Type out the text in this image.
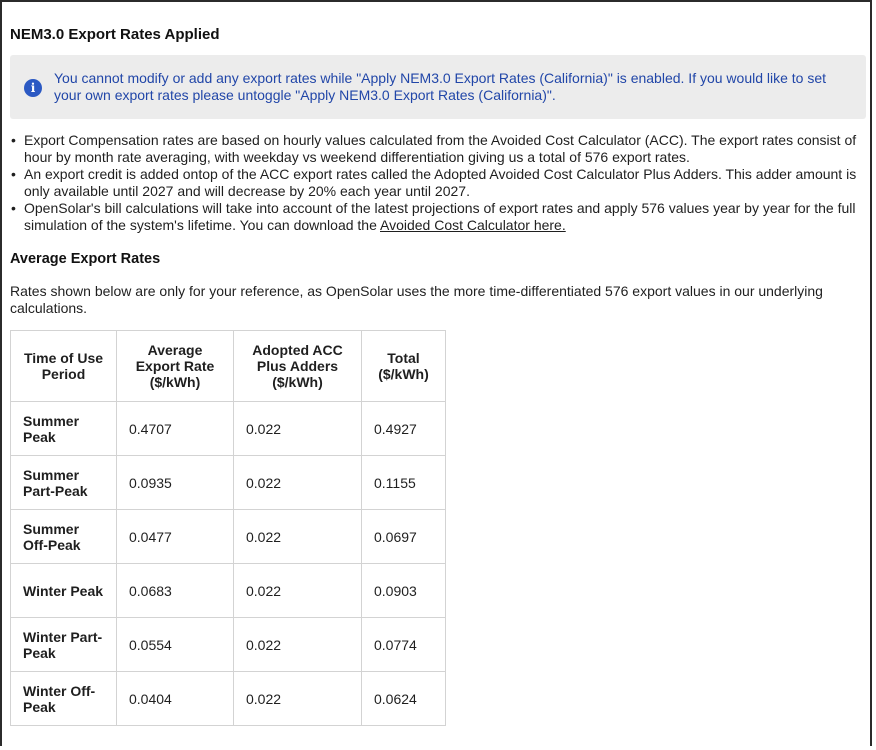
NEM3.0 Export Rates Applied
i
You cannot modify or add any export rates while "Apply NEM3.0 Export Rates (California)" is enabled. If you would like to set your own export rates please untoggle "Apply NEM3.0 Export Rates (California)".
• Export Compensation rates are based on hourly values calculated from the Avoided Cost Calculator (ACC). The export rates consist of hour by month rate averaging, with weekday vs weekend differentiation giving us a total of 576 export rates.
• An export credit is added ontop of the ACC export rates called the Adopted Avoided Cost Calculator Plus Adders. This adder amount is only available until 2027 and will decrease by 20% each year until 2027.
• OpenSolar's bill calculations will take into account of the latest projections of export rates and apply 576 values year by year for the full simulation of the system's lifetime. You can download the Avoided Cost Calculator here.
Average Export Rates
Rates shown below are only for your reference, as OpenSolar uses the more time-differentiated 576 export values in our underlying calculations.
Time of Use Period	Average Export Rate ($/kWh)	Adopted ACC Plus Adders ($/kWh)	Total ($/kWh)
Summer Peak	0.4707	0.022	0.4927
Summer Part-Peak	0.0935	0.022	0.1155
Summer Off-Peak	0.0477	0.022	0.0697
Winter Peak	0.0683	0.022	0.0903
Winter Part-Peak	0.0554	0.022	0.0774
Winter Off-Peak	0.0404	0.022	0.0624
